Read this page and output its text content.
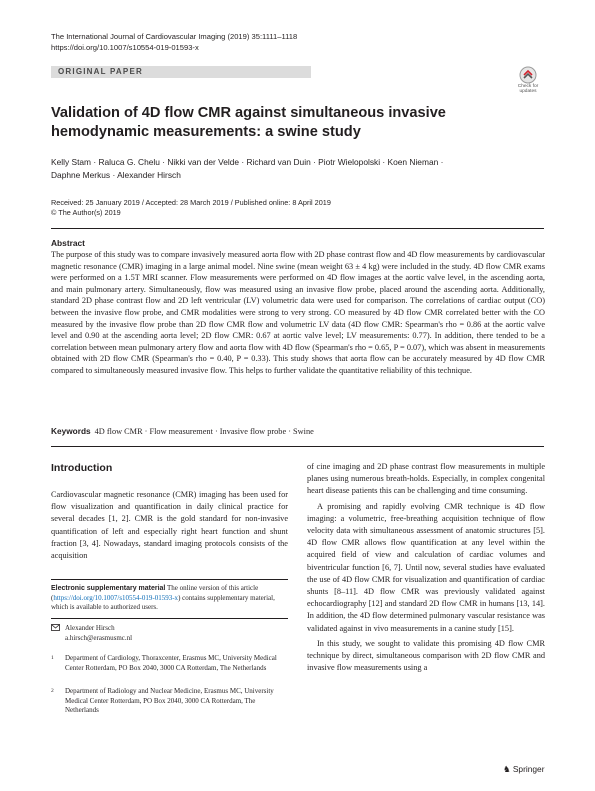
The International Journal of Cardiovascular Imaging (2019) 35:1111–1118
https://doi.org/10.1007/s10554-019-01593-x
ORIGINAL PAPER
Check for
updates
Validation of 4D flow CMR against simultaneous invasive
hemodynamic measurements: a swine study
Kelly Stam · Raluca G. Chelu · Nikki van der Velde · Richard van Duin · Piotr Wielopolski · Koen Nieman ·
Daphne Merkus · Alexander Hirsch
Received: 25 January 2019 / Accepted: 28 March 2019 / Published online: 8 April 2019
© The Author(s) 2019
Abstract
The purpose of this study was to compare invasively measured aorta flow with 2D phase contrast flow and 4D flow measurements by cardiovascular magnetic resonance (CMR) imaging in a large animal model. Nine swine (mean weight 63 ± 4 kg) were included in the study. 4D flow CMR exams were performed on a 1.5T MRI scanner. Flow measurements were performed on 4D flow images at the aortic valve level, in the ascending aorta, and main pulmonary artery. Simultaneously, flow was measured using an invasive flow probe, placed around the ascending aorta. Additionally, standard 2D phase contrast flow and 2D left ventricular (LV) volumetric data were used for comparison. The correlations of cardiac output (CO) between the invasive flow probe, and CMR modalities were strong to very strong. CO measured by 4D flow CMR correlated better with the CO measured by the invasive flow probe than 2D flow CMR flow and volumetric LV data (4D flow CMR: Spearman's rho = 0.86 at the aortic valve level and 0.90 at the ascending aorta level; 2D flow CMR: 0.67 at aortic valve level; LV measurements: 0.77). In addition, there tended to be a correlation between mean pulmonary artery flow and aorta flow with 4D flow (Spearman's rho = 0.65, P = 0.07), which was absent in measurements obtained with 2D flow CMR (Spearman's rho = 0.40, P = 0.33). This study shows that aorta flow can be accurately measured by 4D flow CMR compared to simultaneously measured invasive flow. This helps to further validate the quantitative reliability of this technique.
Keywords 4D flow CMR · Flow measurement · Invasive flow probe · Swine
Introduction
Cardiovascular magnetic resonance (CMR) imaging has been used for flow visualization and quantification in daily clinical practice for several decades [1, 2]. CMR is the gold standard for non-invasive quantification of left and especially right heart function and shunt fraction [3, 4]. Nowadays, standard imaging protocols consists of the acquisition

of cine imaging and 2D phase contrast flow measurements in multiple planes using numerous breath-holds. Especially, in complex congenital heart disease patients this can be challenging and time consuming.

A promising and rapidly evolving CMR technique is 4D flow imaging: a volumetric, free-breathing acquisition technique of flow velocity data with simultaneous assessment of anatomic structures [5]. 4D flow CMR allows flow quantification at any level within the acquired field of view and calculation of cardiac volumes and biventricular function [6, 7]. Until now, several studies have evaluated the use of 4D flow CMR for visualization and quantification of cardiac shunts [8–11]. 4D flow CMR was previously validated against echocardiography [12] and standard 2D flow CMR in humans [13, 14]. In addition, the 4D flow determined pulmonary vascular resistance was validated against in vivo measurements in a canine study [15].

In this study, we sought to validate this promising 4D flow CMR technique by direct, simultaneous comparison with 2D flow CMR and invasive flow measurements using a

Electronic supplementary material The online version of this article (https://doi.org/10.1007/s10554-019-01593-x) contains supplementary material, which is available to authorized users.
Alexander Hirsch
a.hirsch@erasmusmc.nl
1 Department of Cardiology, Thoraxcenter, Erasmus MC, University Medical Center Rotterdam, PO Box 2040, 3000 CA Rotterdam, The Netherlands
2 Department of Radiology and Nuclear Medicine, Erasmus MC, University Medical Center Rotterdam, PO Box 2040, 3000 CA Rotterdam, The Netherlands
♞ Springer
